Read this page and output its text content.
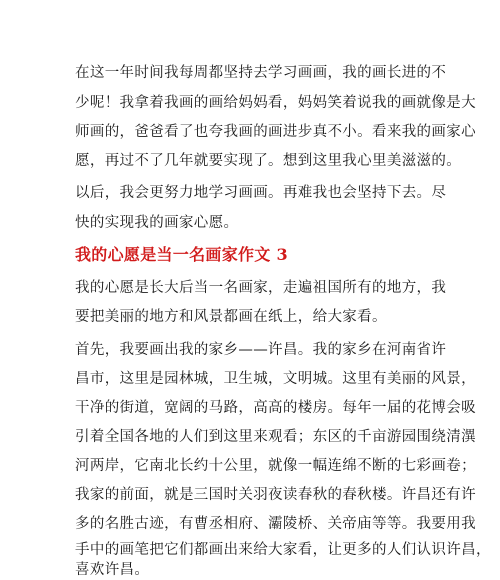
在这一年时间我每周都坚持去学习画画，我的画长进的不
少呢！我拿着我画的画给妈妈看，妈妈笑着说我的画就像是大
师画的，爸爸看了也夸我画的画进步真不小。看来我的画家心
愿，再过不了几年就要实现了。想到这里我心里美滋滋的。
以后，我会更努力地学习画画。再难我也会坚持下去。尽
快的实现我的画家心愿。
我的心愿是当一名画家作文 3
我的心愿是长大后当一名画家，走遍祖国所有的地方，我
要把美丽的地方和风景都画在纸上，给大家看。
首先，我要画出我的家乡——许昌。我的家乡在河南省许
昌市，这里是园林城，卫生城，文明城。这里有美丽的风景，
干净的街道，宽阔的马路，高高的楼房。每年一届的花博会吸
引着全国各地的人们到这里来观看；东区的千亩游园围绕清潩
河两岸，它南北长约十公里，就像一幅连绵不断的七彩画卷；
我家的前面，就是三国时关羽夜读春秋的春秋楼。许昌还有许
多的名胜古迹，有曹丞相府、灞陵桥、关帝庙等等。我要用我
手中的画笔把它们都画出来给大家看，让更多的人们认识许昌，
喜欢许昌。
